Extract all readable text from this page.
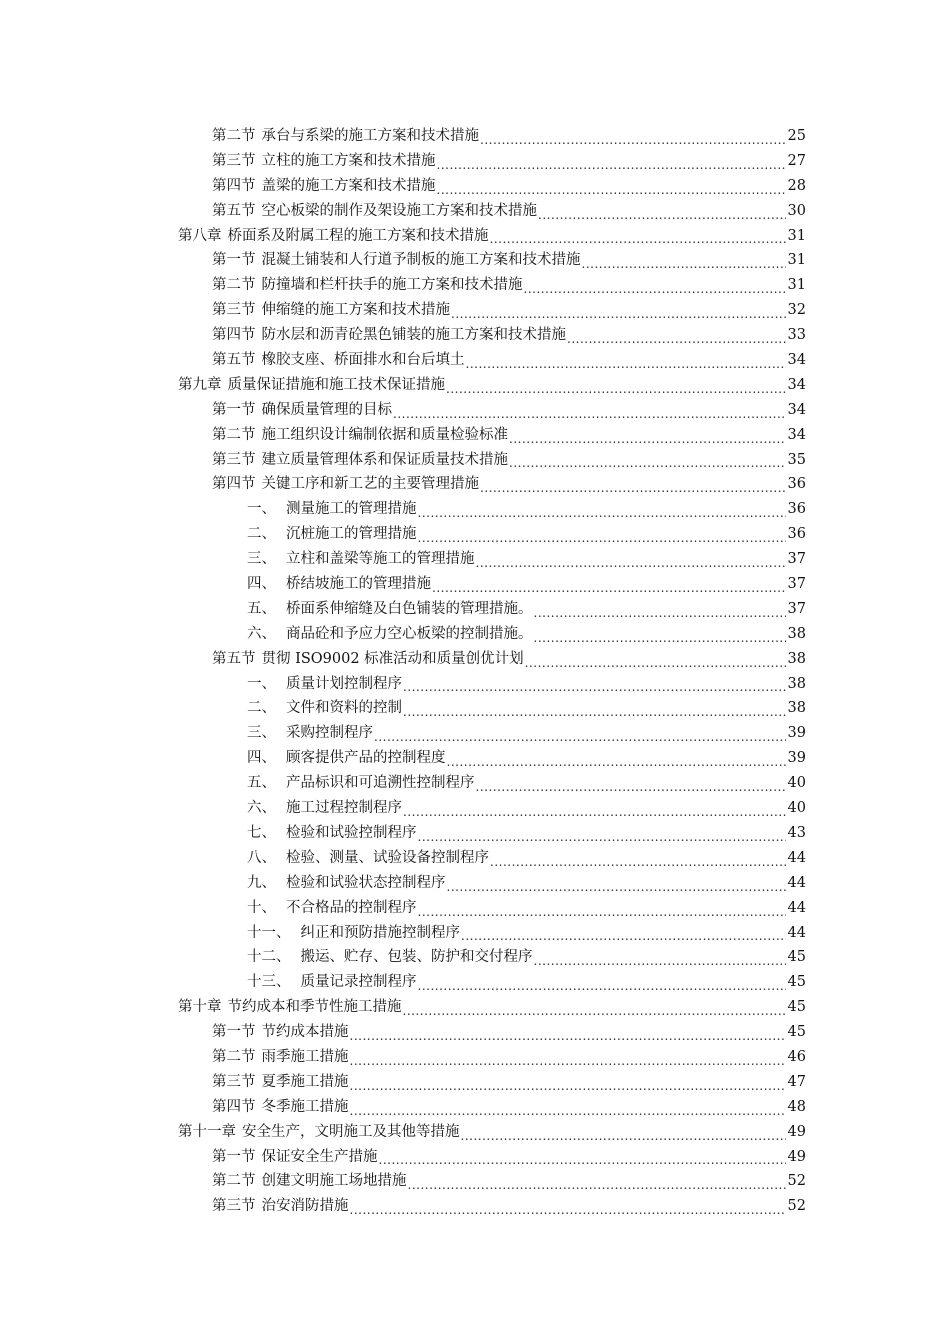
第二节 承台与系梁的施工方案和技术措施 .....	25
第三节 立柱的施工方案和技术措施 .....	27
第四节 盖梁的施工方案和技术措施 .....	28
第五节 空心板梁的制作及架设施工方案和技术措施 .....	30
第八章 桥面系及附属工程的施工方案和技术措施 .....	31
第一节 混凝土铺装和人行道予制板的施工方案和技术措施 .....	31
第二节 防撞墙和栏杆扶手的施工方案和技术措施 .....	31
第三节 伸缩缝的施工方案和技术措施 .....	32
第四节 防水层和沥青砼黑色铺装的施工方案和技术措施 .....	33
第五节 橡胶支座、桥面排水和台后填土 .....	34
第九章 质量保证措施和施工技术保证措施 .....	34
第一节 确保质量管理的目标 .....	34
第二节 施工组织设计编制依据和质量检验标准 .....	34
第三节 建立质量管理体系和保证质量技术措施 .....	35
第四节 关键工序和新工艺的主要管理措施 .....	36
一、 测量施工的管理措施 .....	36
二、 沉桩施工的管理措施 .....	36
三、 立柱和盖梁等施工的管理措施 .....	37
四、 桥结坡施工的管理措施 .....	37
五、 桥面系伸缩缝及白色铺装的管理措施。 .....	37
六、 商品砼和予应力空心板梁的控制措施。 .....	38
第五节 贯彻 ISO9002 标准活动和质量创优计划 .....	38
一、 质量计划控制程序 .....	38
二、 文件和资料的控制 .....	38
三、 采购控制程序 .....	39
四、 顾客提供产品的控制程度 .....	39
五、 产品标识和可追溯性控制程序 .....	40
六、 施工过程控制程序 .....	40
七、 检验和试验控制程序 .....	43
八、 检验、测量、试验设备控制程序 .....	44
九、 检验和试验状态控制程序 .....	44
十、 不合格品的控制程序 .....	44
十一、 纠正和预防措施控制程序 .....	44
十二、 搬运、贮存、包装、防护和交付程序 .....	45
十三、 质量记录控制程序 .....	45
第十章 节约成本和季节性施工措施 .....	45
第一节 节约成本措施 .....	45
第二节 雨季施工措施 .....	46
第三节 夏季施工措施 .....	47
第四节 冬季施工措施 .....	48
第十一章 安全生产，文明施工及其他等措施 .....	49
第一节 保证安全生产措施 .....	49
第二节 创建文明施工场地措施 .....	52
第三节 治安消防措施 .....	52
